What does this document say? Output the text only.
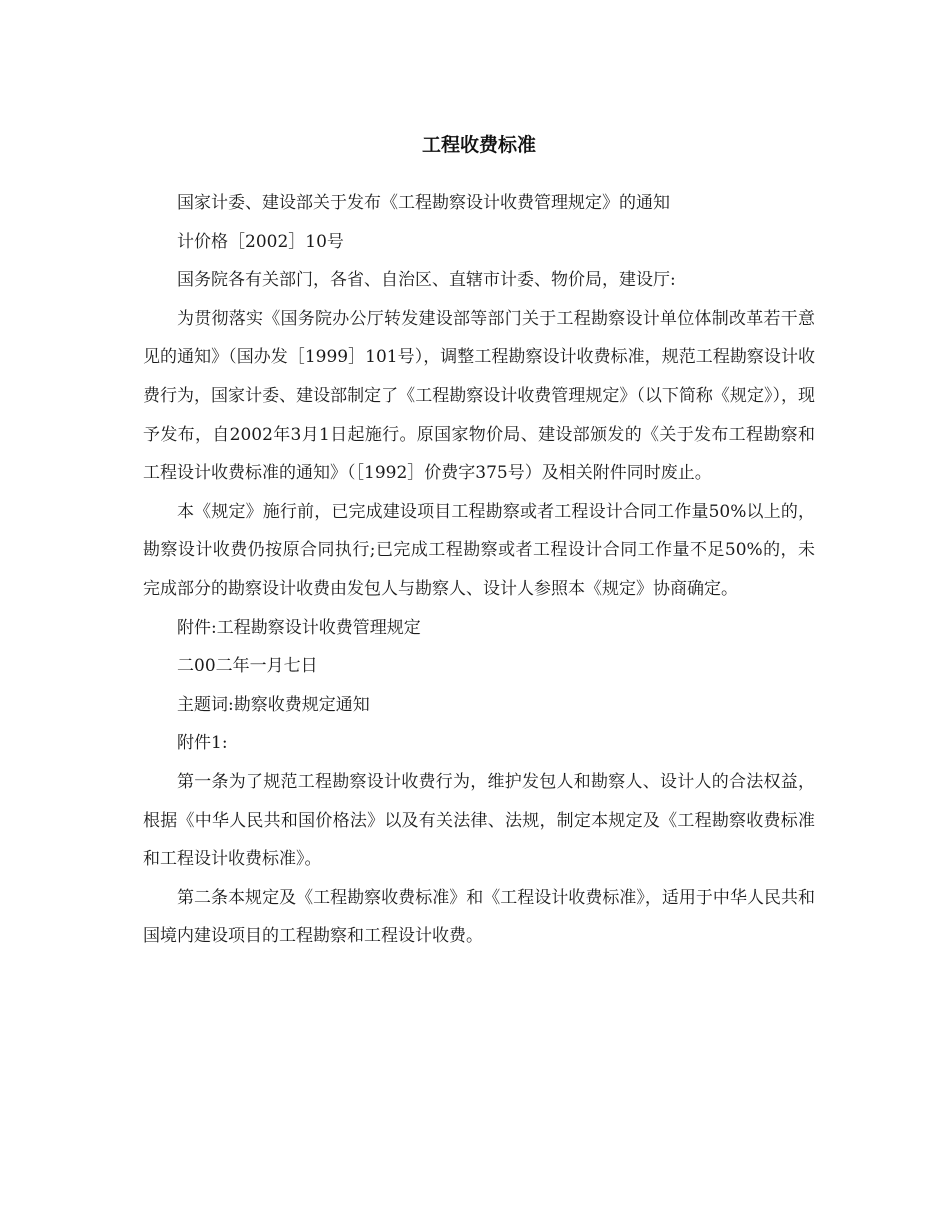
工程收费标准

国家计委、建设部关于发布《工程勘察设计收费管理规定》的通知

计价格［2002］10号

国务院各有关部门，各省、自治区、直辖市计委、物价局，建设厅:

为贯彻落实《国务院办公厅转发建设部等部门关于工程勘察设计单位体制改革若干意见的通知》（国办发［1999］101号），调整工程勘察设计收费标准，规范工程勘察设计收费行为，国家计委、建设部制定了《工程勘察设计收费管理规定》（以下简称《规定》），现予发布，自2002年3月1日起施行。原国家物价局、建设部颁发的《关于发布工程勘察和工程设计收费标准的通知》（［1992］价费字375号）及相关附件同时废止。

本《规定》施行前，已完成建设项目工程勘察或者工程设计合同工作量50%以上的，勘察设计收费仍按原合同执行;已完成工程勘察或者工程设计合同工作量不足50%的，未完成部分的勘察设计收费由发包人与勘察人、设计人参照本《规定》协商确定。

附件:工程勘察设计收费管理规定

二00二年一月七日

主题词:勘察收费规定通知

附件1:

第一条为了规范工程勘察设计收费行为，维护发包人和勘察人、设计人的合法权益，根据《中华人民共和国价格法》以及有关法律、法规，制定本规定及《工程勘察收费标准和工程设计收费标准》。

第二条本规定及《工程勘察收费标准》和《工程设计收费标准》，适用于中华人民共和国境内建设项目的工程勘察和工程设计收费。
